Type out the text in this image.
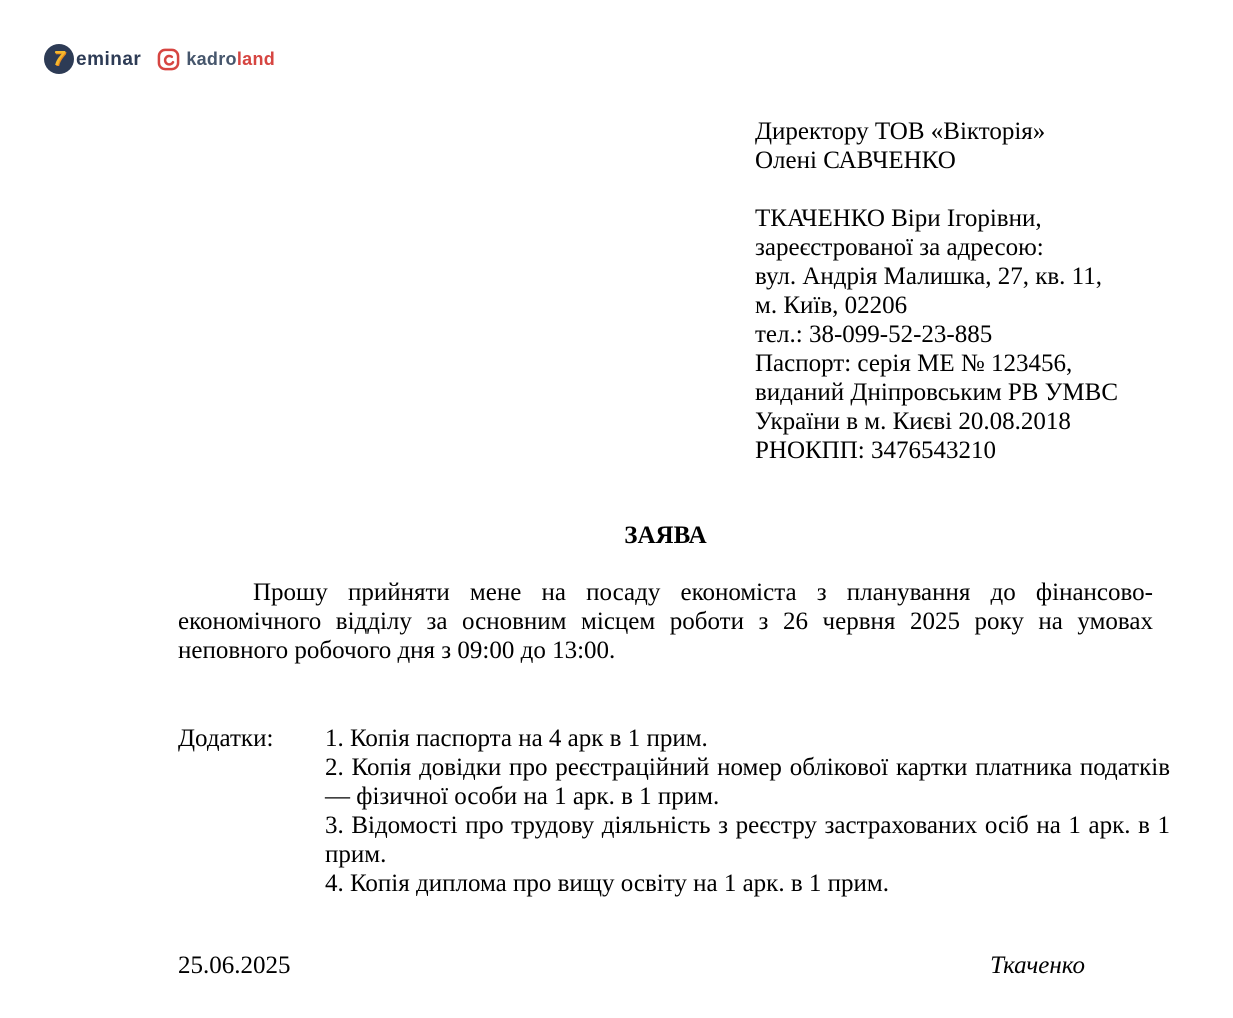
7 eminar	kadroland
Директору ТОВ «Вікторія»
Олені САВЧЕНКО
ТКАЧЕНКО Віри Ігорівни,
зареєстрованої за адресою:
вул. Андрія Малишка, 27, кв. 11,
м. Київ, 02206
тел.: 38-099-52-23-885
Паспорт: серія МЕ № 123456,
виданий Дніпровським РВ УМВС
України в м. Києві 20.08.2018
РНОКПП: 3476543210
ЗАЯВА
Прошу прийняти мене на посаду економіста з планування до фінансово-економічного відділу за основним місцем роботи з 26 червня 2025 року на умовах неповного робочого дня з 09:00 до 13:00.
Додатки: 1. Копія паспорта на 4 арк в 1 прим.
2. Копія довідки про реєстраційний номер облікової картки платника податків — фізичної особи на 1 арк. в 1 прим.
3. Відомості про трудову діяльність з реєстру застрахованих осіб на 1 арк. в 1 прим.
4. Копія диплома про вищу освіту на 1 арк. в 1 прим.
25.06.2025	Ткаченко
